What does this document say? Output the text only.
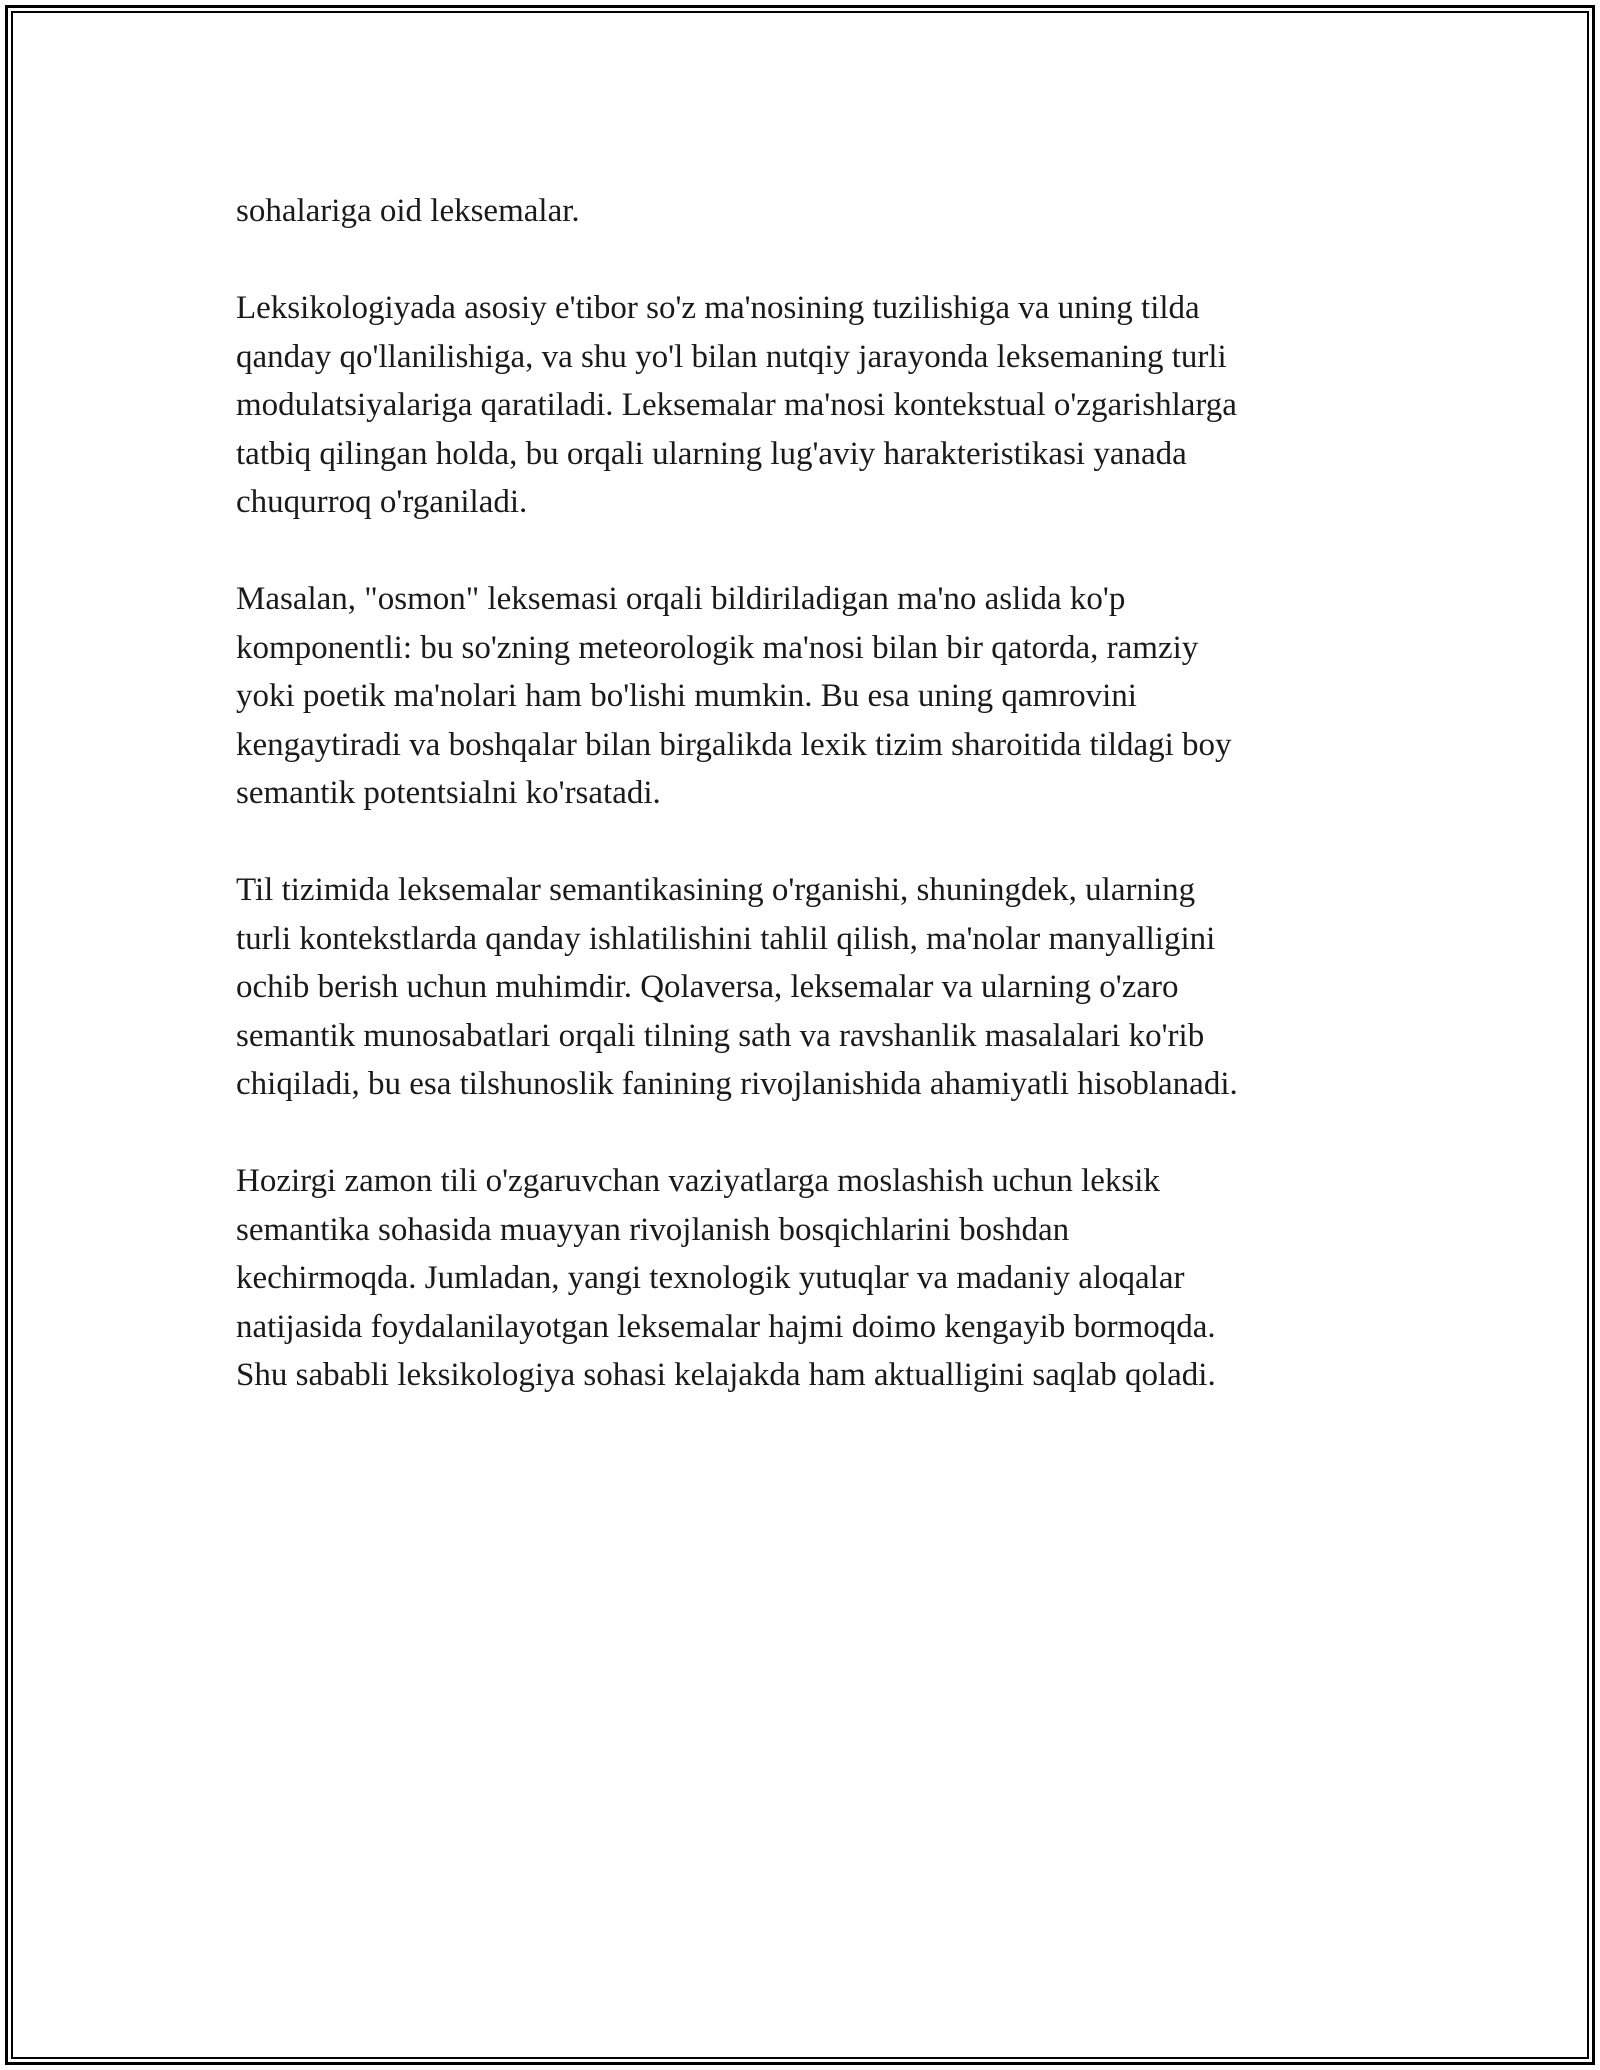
sohalariga oid leksemalar.

Leksikologiyada asosiy e'tibor so'z ma'nosining tuzilishiga va uning tilda
qanday qo'llanilishiga, va shu yo'l bilan nutqiy jarayonda leksemaning turli
modulatsiyalariga qaratiladi. Leksemalar ma'nosi kontekstual o'zgarishlarga
tatbiq qilingan holda, bu orqali ularning lug'aviy harakteristikasi yanada
chuqurroq o'rganiladi.

Masalan, "osmon" leksemasi orqali bildiriladigan ma'no aslida ko'p
komponentli: bu so'zning meteorologik ma'nosi bilan bir qatorda, ramziy
yoki poetik ma'nolari ham bo'lishi mumkin. Bu esa uning qamrovini
kengaytiradi va boshqalar bilan birgalikda lexik tizim sharoitida tildagi boy
semantik potentsialni ko'rsatadi.

Til tizimida leksemalar semantikasining o'rganishi, shuningdek, ularning
turli kontekstlarda qanday ishlatilishini tahlil qilish, ma'nolar manyalligini
ochib berish uchun muhimdir. Qolaversa, leksemalar va ularning o'zaro
semantik munosabatlari orqali tilning sath va ravshanlik masalalari ko'rib
chiqiladi, bu esa tilshunoslik fanining rivojlanishida ahamiyatli hisoblanadi.

Hozirgi zamon tili o'zgaruvchan vaziyatlarga moslashish uchun leksik
semantika sohasida muayyan rivojlanish bosqichlarini boshdan
kechirmoqda. Jumladan, yangi texnologik yutuqlar va madaniy aloqalar
natijasida foydalanilayotgan leksemalar hajmi doimo kengayib bormoqda.
Shu sababli leksikologiya sohasi kelajakda ham aktualligini saqlab qoladi.
